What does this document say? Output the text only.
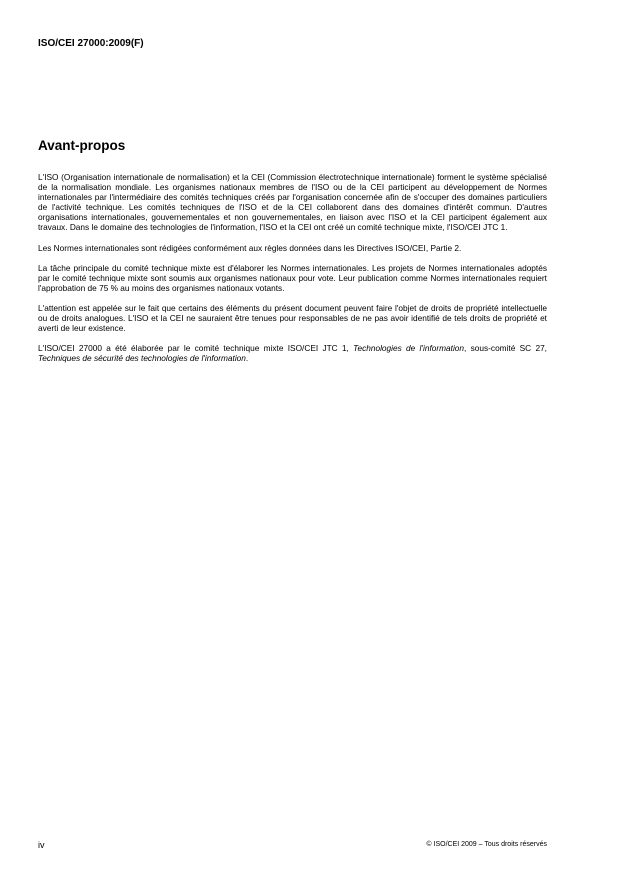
ISO/CEI 27000:2009(F)
Avant-propos

L'ISO (Organisation internationale de normalisation) et la CEI (Commission électrotechnique internationale) forment le système spécialisé de la normalisation mondiale. Les organismes nationaux membres de l'ISO ou de la CEI participent au développement de Normes internationales par l'intermédiaire des comités techniques créés par l'organisation concernée afin de s'occuper des domaines particuliers de l'activité technique. Les comités techniques de l'ISO et de la CEI collaborent dans des domaines d'intérêt commun. D'autres organisations internationales, gouvernementales et non gouvernementales, en liaison avec l'ISO et la CEI participent également aux travaux. Dans le domaine des technologies de l'information, l'ISO et la CEI ont créé un comité technique mixte, l'ISO/CEI JTC 1.

Les Normes internationales sont rédigées conformément aux règles données dans les Directives ISO/CEI, Partie 2.

La tâche principale du comité technique mixte est d'élaborer les Normes internationales. Les projets de Normes internationales adoptés par le comité technique mixte sont soumis aux organismes nationaux pour vote. Leur publication comme Normes internationales requiert l'approbation de 75 % au moins des organismes nationaux votants.

L'attention est appelée sur le fait que certains des éléments du présent document peuvent faire l'objet de droits de propriété intellectuelle ou de droits analogues. L'ISO et la CEI ne sauraient être tenues pour responsables de ne pas avoir identifié de tels droits de propriété et averti de leur existence.

L'ISO/CEI 27000 a été élaborée par le comité technique mixte ISO/CEI JTC 1, Technologies de l'information, sous-comité SC 27, Techniques de sécurité des technologies de l'information.

iv	© ISO/CEI 2009 – Tous droits réservés
